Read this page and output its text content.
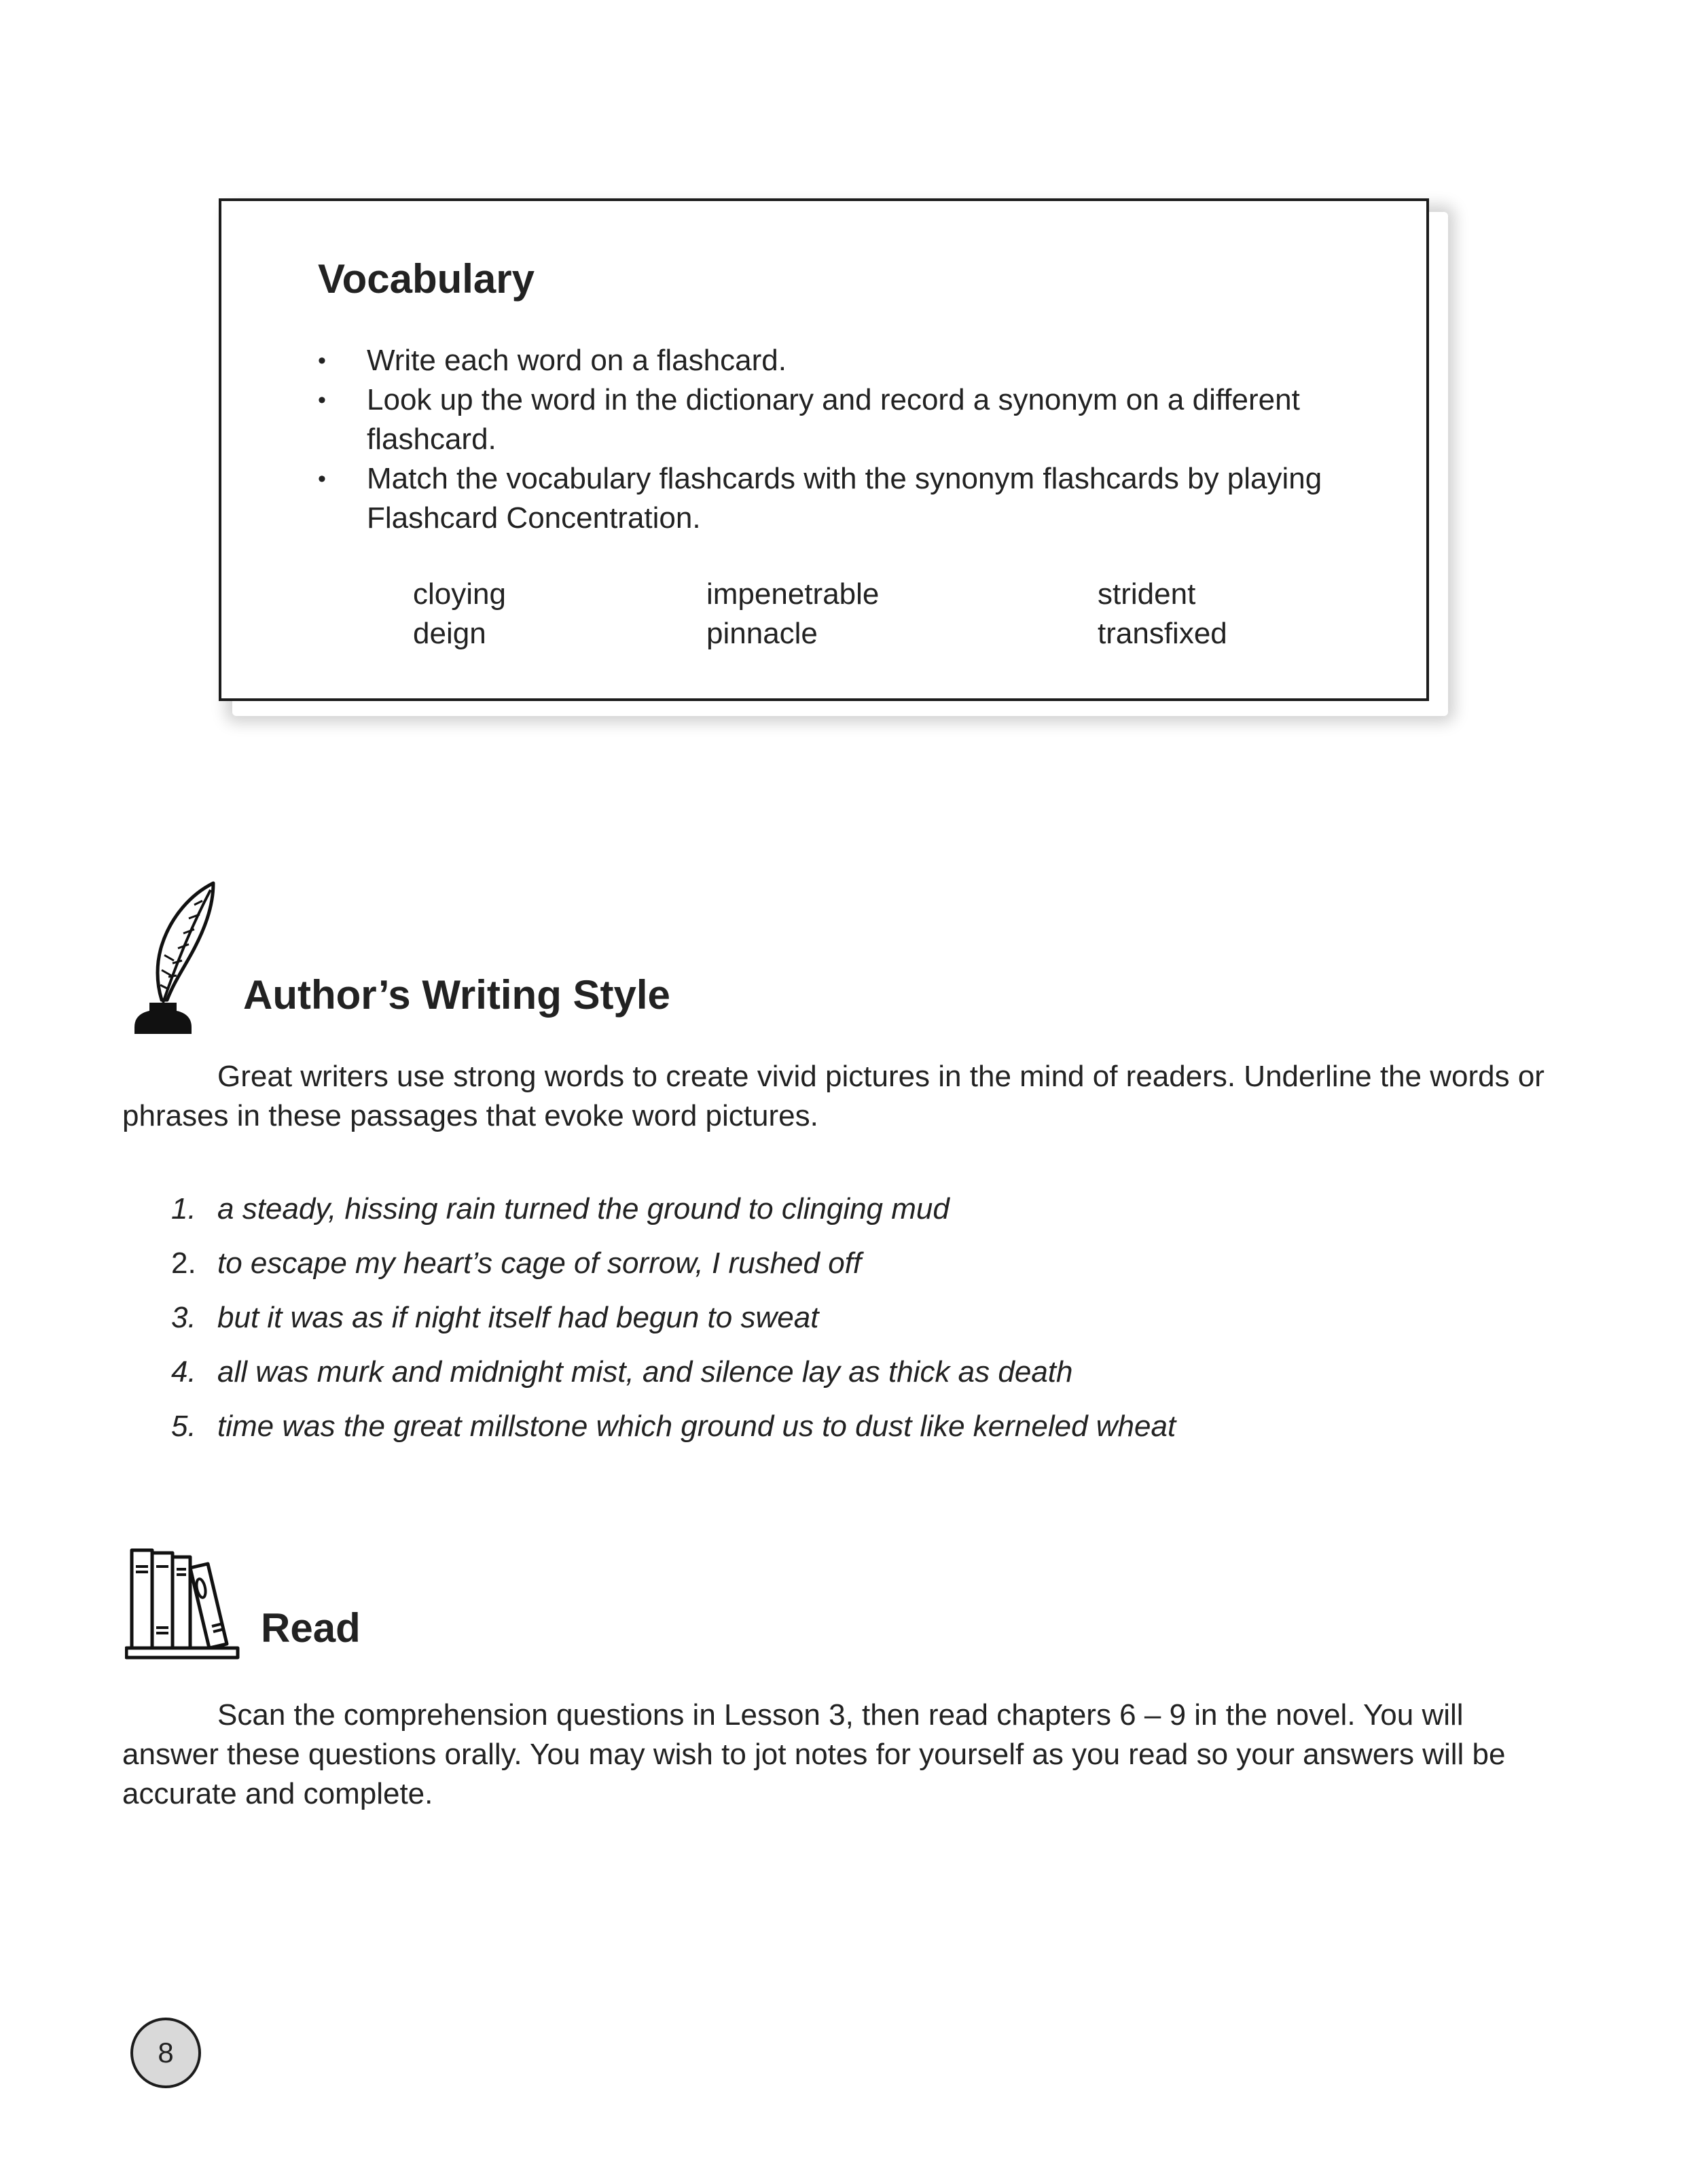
Vocabulary
• Write each word on a flashcard.
• Look up the word in the dictionary and record a synonym on a different flashcard.
• Match the vocabulary flashcards with the synonym flashcards by playing Flashcard Concentration.
cloying	impenetrable	strident
deign	pinnacle	transfixed
Author’s Writing Style

Great writers use strong words to create vivid pictures in the mind of readers. Underline the words or phrases in these passages that evoke word pictures.

1. a steady, hissing rain turned the ground to clinging mud
2. to escape my heart’s cage of sorrow, I rushed off
3. but it was as if night itself had begun to sweat
4. all was murk and midnight mist, and silence lay as thick as death
5. time was the great millstone which ground us to dust like kerneled wheat
Read

Scan the comprehension questions in Lesson 3, then read chapters 6 – 9 in the novel. You will answer these questions orally. You may wish to jot notes for yourself as you read so your answers will be accurate and complete.

8
